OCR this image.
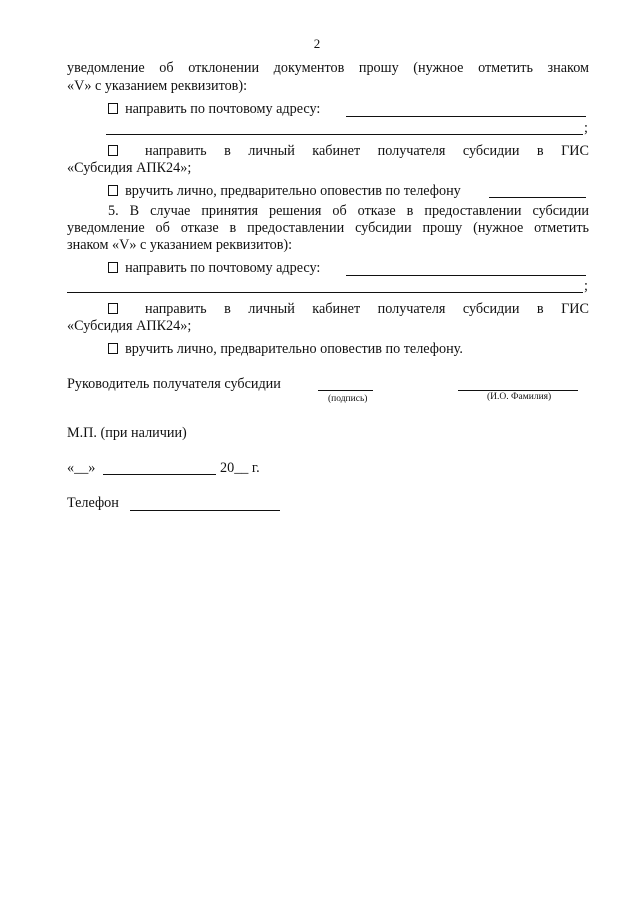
2
уведомление об отклонении документов прошу (нужное отметить знаком
«V» с указанием реквизитов):
направить по почтовому адресу:
;
направить в личный кабинет получателя субсидии в ГИС
«Субсидия АПК24»;
вручить лично, предварительно оповестив по телефону
5. В случае принятия решения об отказе в предоставлении субсидии
уведомление об отказе в предоставлении субсидии прошу (нужное отметить
знаком «V» с указанием реквизитов):
направить по почтовому адресу:
;
направить в личный кабинет получателя субсидии в ГИС
«Субсидия АПК24»;
вручить лично, предварительно оповестив по телефону.
Руководитель получателя субсидии
(подпись)	(И.О. Фамилия)
М.П. (при наличии)
«__»	20__ г.
Телефон
